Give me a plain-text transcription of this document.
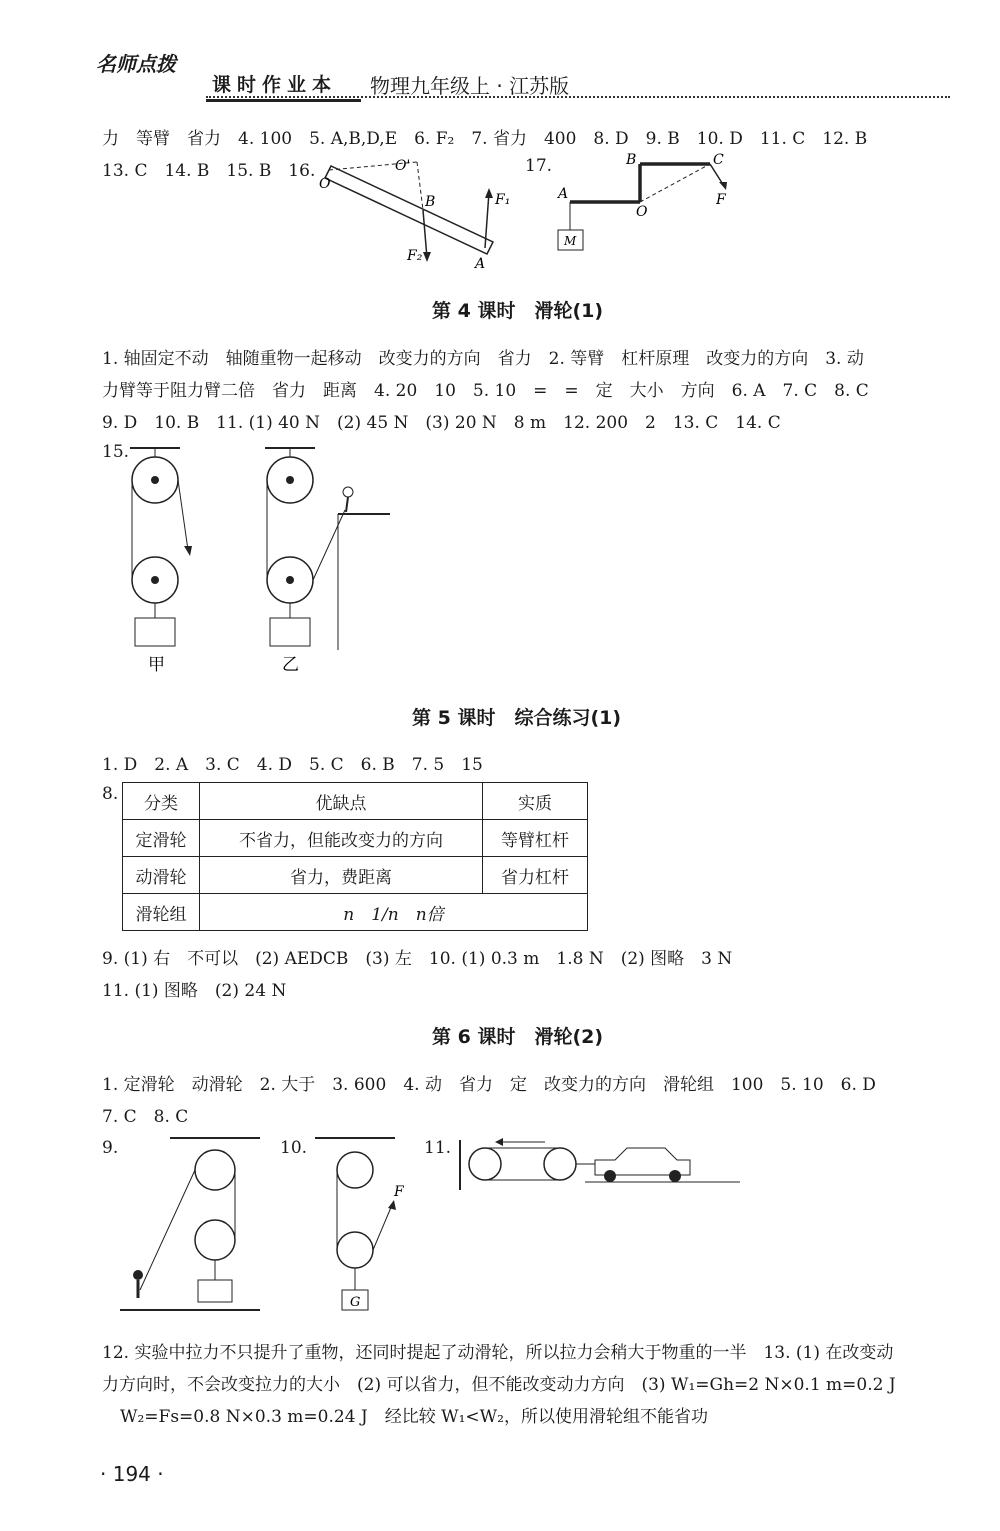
名师点拨
课时作业本 物理九年级上 · 江苏版
力　等臂　省力　4. 100　5. A,B,D,E　6. F₂　7. 省力　400　8. D　9. B　10. D　11. C　12. B
13. C　14. B　15. B　16.	17.
O
O'
B
A
F₁
F₂
A
B	C
O
F
M
第 4 课时　滑轮(1)
1. 轴固定不动　轴随重物一起移动　改变力的方向　省力　2. 等臂　杠杆原理　改变力的方向　3. 动
力臂等于阻力臂二倍　省力　距离　4. 20　10　5. 10　=　=　定　大小　方向　6. A　7. C　8. C
9. D　10. B　11. (1) 40 N　(2) 45 N　(3) 20 N　8 m　12. 200　2　13. C　14. C
15.
甲	乙
第 5 课时　综合练习(1)
1. D　2. A　3. C　4. D　5. C　6. B　7. 5　15
8. 分类	优缺点	实质
定滑轮	不省力，但能改变力的方向	等臂杠杆
动滑轮	省力，费距离	省力杠杆
滑轮组	n　1/n　n倍	
9. (1) 右　不可以　(2) AEDCB　(3) 左　10. (1) 0.3 m　1.8 N　(2) 图略　3 N
11. (1) 图略　(2) 24 N
第 6 课时　滑轮(2)
1. 定滑轮　动滑轮　2. 大于　3. 600　4. 动　省力　定　改变力的方向　滑轮组　100　5. 10　6. D
7. C　8. C
9.	10.	11.
F
G
12. 实验中拉力不只提升了重物，还同时提起了动滑轮，所以拉力会稍大于物重的一半　13. (1) 在改变动
力方向时，不会改变拉力的大小　(2) 可以省力，但不能改变动力方向　(3) W₁=Gh=2 N×0.1 m=0.2 J
W₂=Fs=0.8 N×0.3 m=0.24 J　经比较 W₁<W₂，所以使用滑轮组不能省功
· 194 ·
